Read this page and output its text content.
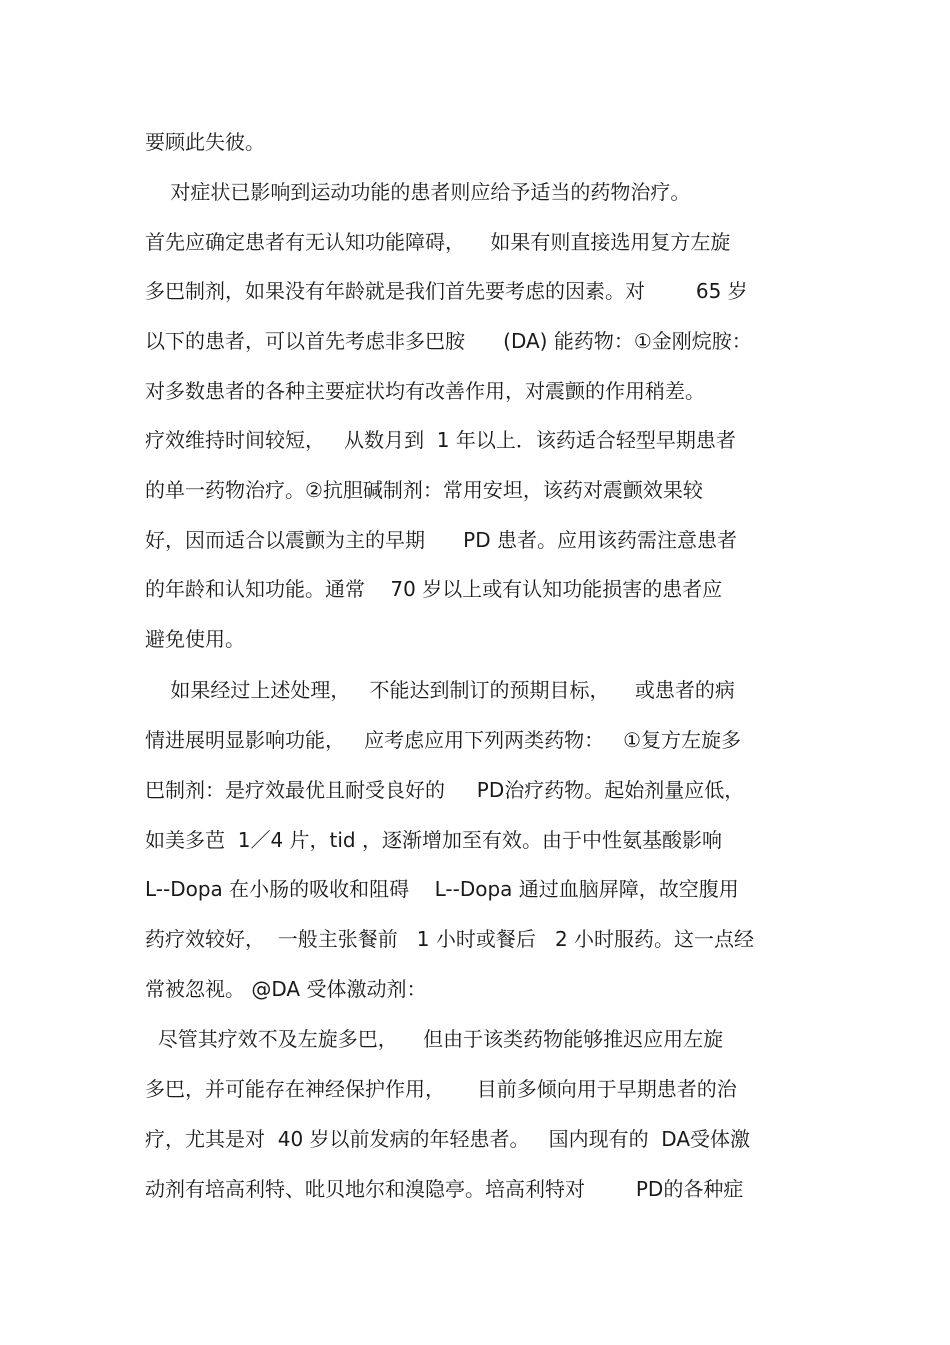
要顾此失彼。
对症状已影响到运动功能的患者则应给予适当的药物治疗。
首先应确定患者有无认知功能障碍，    如果有则直接选用复方左旋
多巴制剂，如果没有年龄就是我们首先要考虑的因素。对        65 岁
以下的患者，可以首先考虑非多巴胺      (DA) 能药物：①金刚烷胺：
对多数患者的各种主要症状均有改善作用，对震颤的作用稍差。
疗效维持时间较短，   从数月到  1 年以上．该药适合轻型早期患者
的单一药物治疗。②抗胆碱制剂：常用安坦，该药对震颤效果较
好，因而适合以震颤为主的早期      PD 患者。应用该药需注意患者
的年龄和认知功能。通常    70 岁以上或有认知功能损害的患者应
避免使用。
如果经过上述处理，   不能达到制订的预期目标，    或患者的病
情进展明显影响功能，   应考虑应用下列两类药物：   ①复方左旋多
巴制剂：是疗效最优且耐受良好的     PD治疗药物。起始剂量应低，
如美多芭  1／4 片，tid ，逐渐增加至有效。由于中性氨基酸影响
L--Dopa 在小肠的吸收和阻碍    L--Dopa 通过血脑屏障，故空腹用
药疗效较好，  一般主张餐前   1 小时或餐后   2 小时服药。这一点经
常被忽视。 @DA 受体激动剂：
尽管其疗效不及左旋多巴，    但由于该类药物能够推迟应用左旋
多巴，并可能存在神经保护作用，     目前多倾向用于早期患者的治
疗，尤其是对  40 岁以前发病的年轻患者。   国内现有的  DA受体激
动剂有培高利特、吡贝地尔和溴隐亭。培高利特对        PD的各种症
